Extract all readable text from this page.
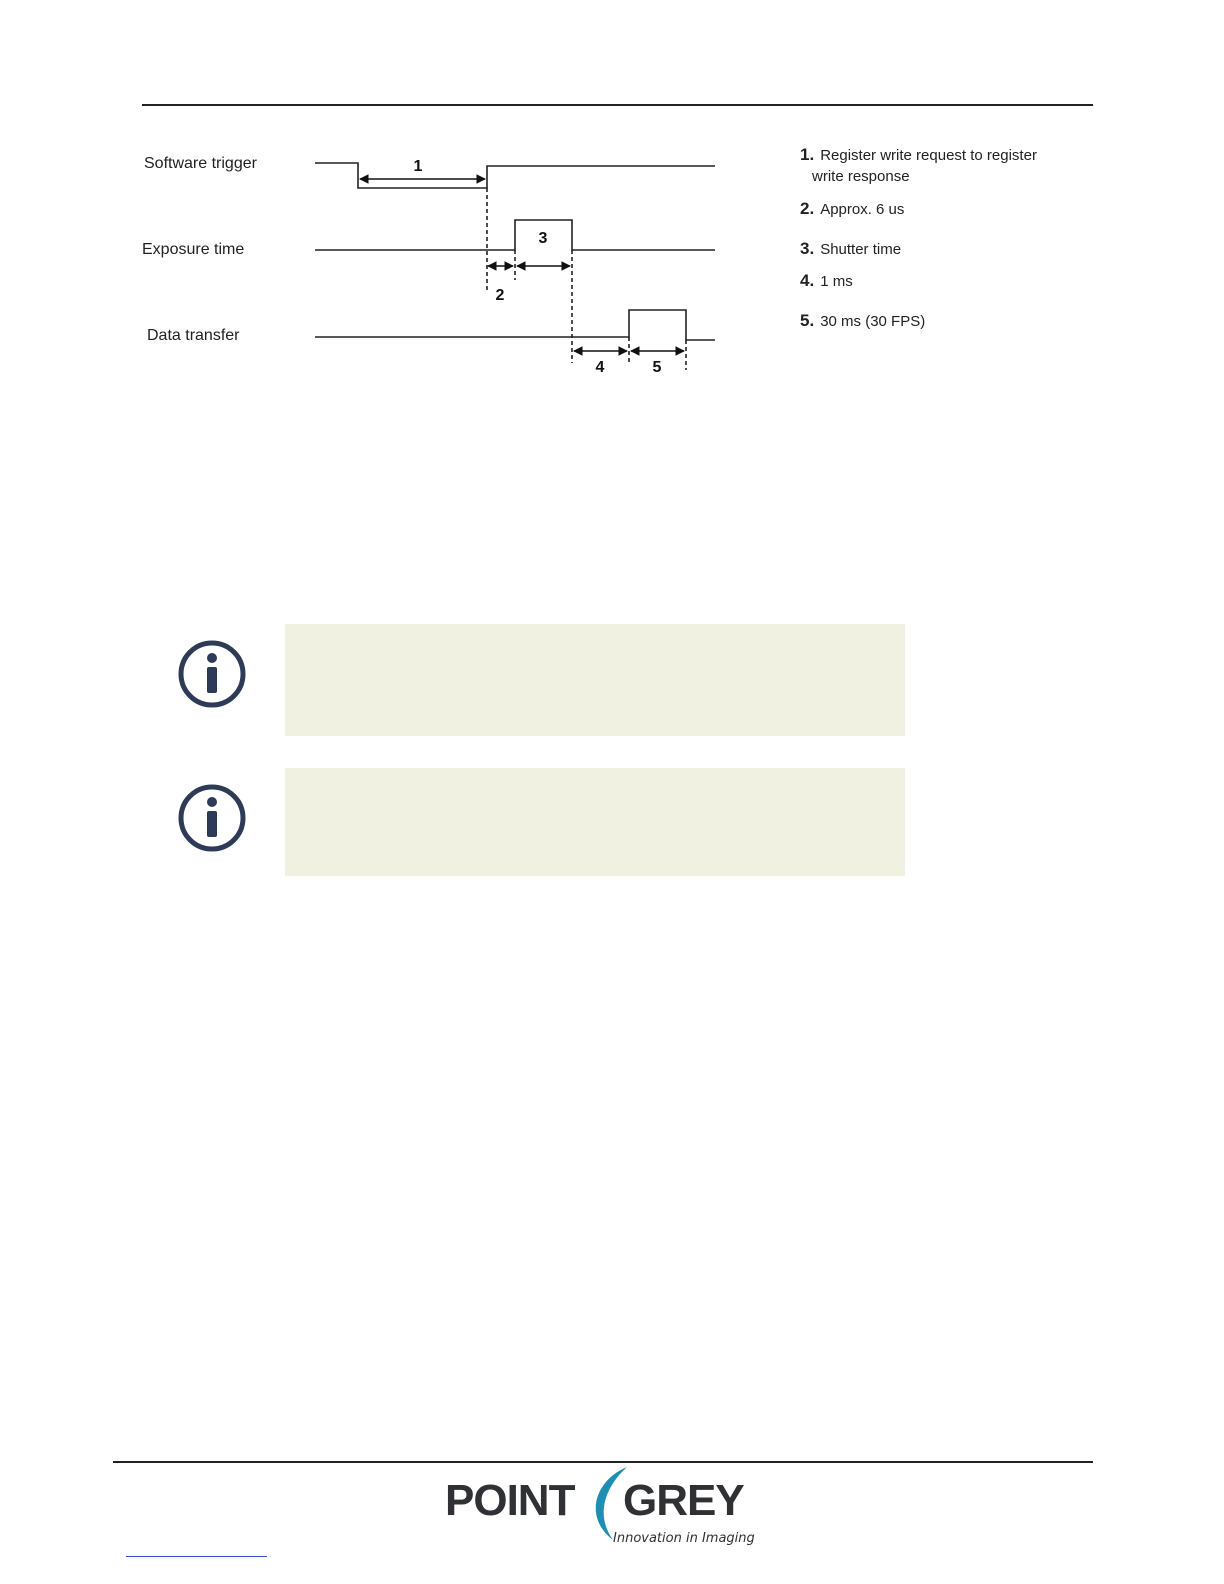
Software trigger
Exposure time
Data transfer
1
2
3
4	5
1. Register write request to register
write response
2. Approx. 6 us
3. Shutter time
4. 1 ms
5. 30 ms (30 FPS)
POINT GREY
Innovation in Imaging
